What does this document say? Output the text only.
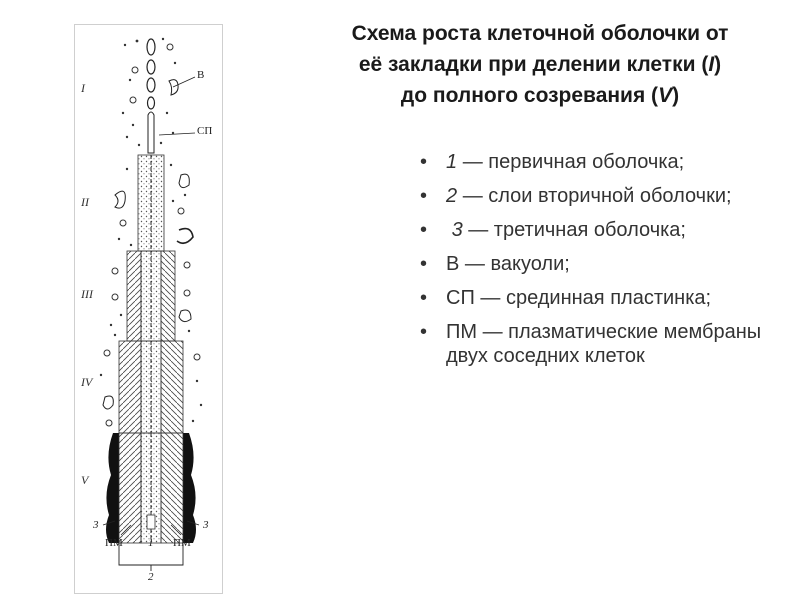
I
II
III
IV
V
В
СП
3	3
ПМ	ПМ
1
2
Схема роста клеточной оболочки от
её закладки при делении клетки (I)
до полного созревания (V)
• 1 — первичная оболочка;
• 2 — слои вторичной оболочки;
• 3 — третичная оболочка;
• В — вакуоли;
• СП — срединная пластинка;
• ПМ — плазматические мембраны двух соседних клеток
